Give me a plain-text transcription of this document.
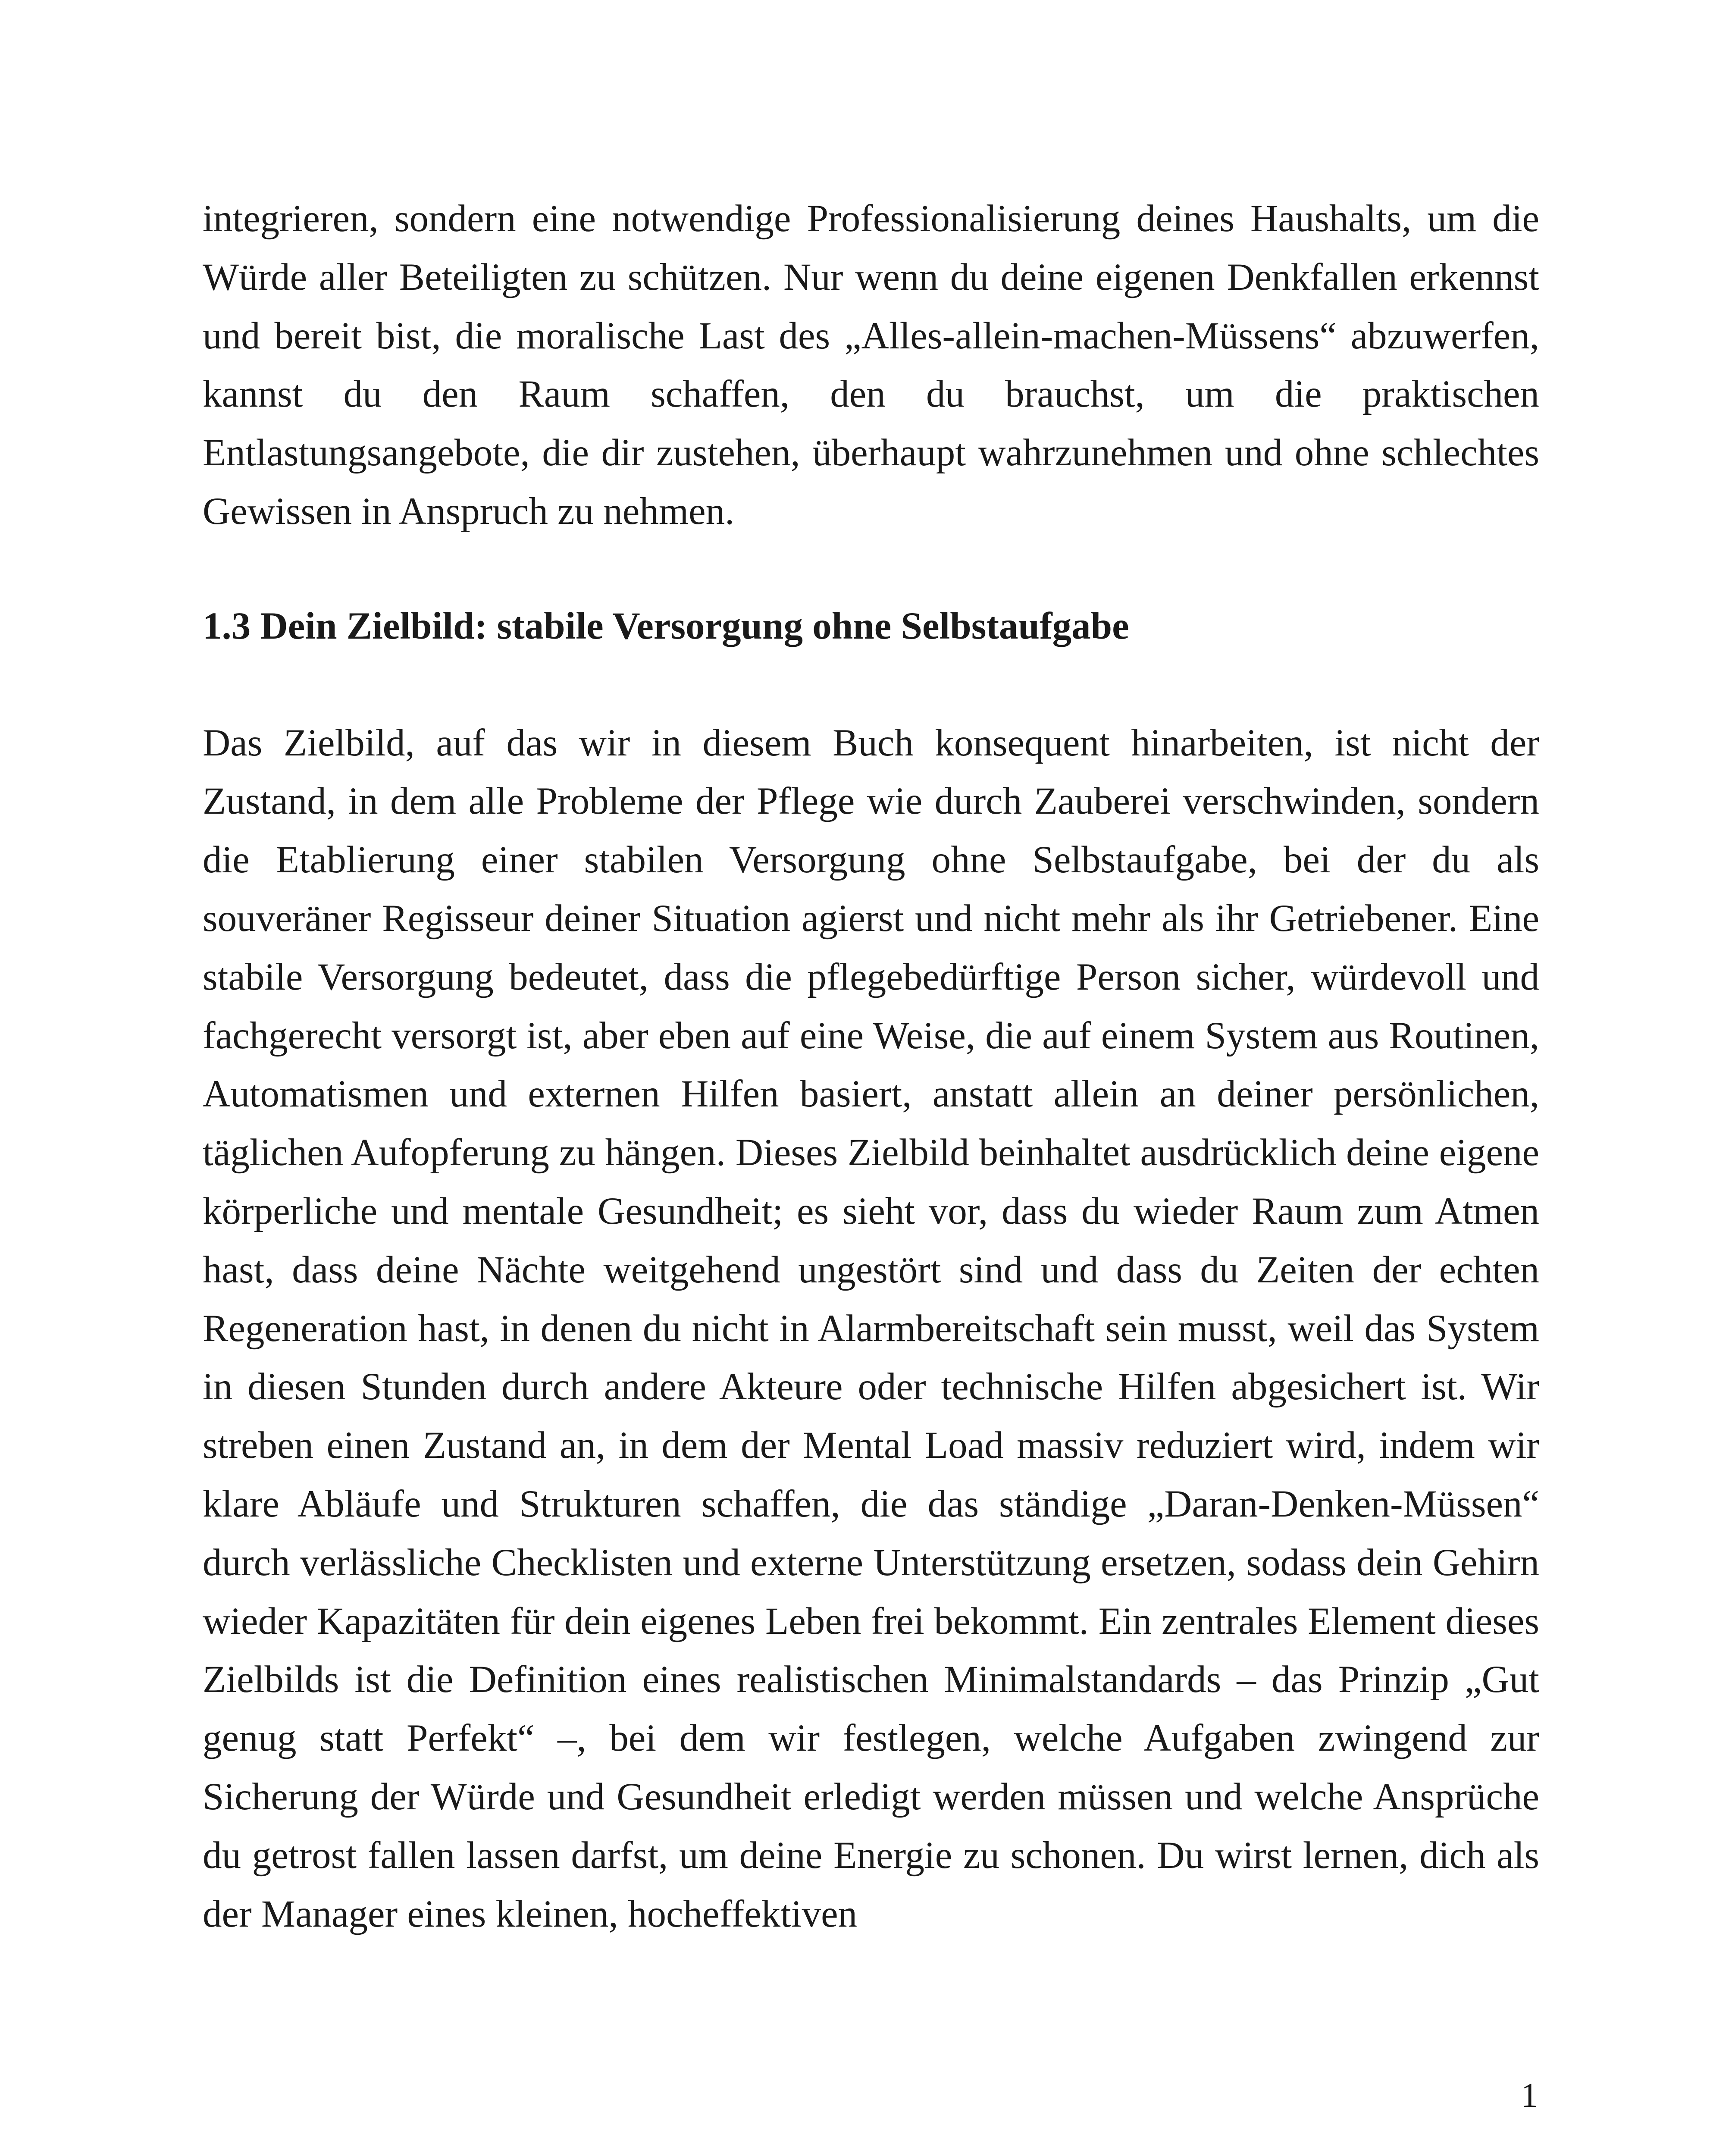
integrieren, sondern eine notwendige Professionalisierung deines Haushalts, um die Würde aller Beteiligten zu schützen. Nur wenn du deine eigenen Denkfallen erkennst und bereit bist, die moralische Last des „Alles-allein-machen-Müssens“ abzuwerfen, kannst du den Raum schaffen, den du brauchst, um die praktischen Entlastungsangebote, die dir zustehen, überhaupt wahrzunehmen und ohne schlechtes Gewissen in Anspruch zu nehmen.

1.3 Dein Zielbild: stabile Versorgung ohne Selbstaufgabe

Das Zielbild, auf das wir in diesem Buch konsequent hinarbeiten, ist nicht der Zustand, in dem alle Probleme der Pflege wie durch Zauberei verschwinden, sondern die Etablierung einer stabilen Versorgung ohne Selbstaufgabe, bei der du als souveräner Regisseur deiner Situation agierst und nicht mehr als ihr Getriebener. Eine stabile Versorgung bedeutet, dass die pflegebedürftige Person sicher, würdevoll und fachgerecht versorgt ist, aber eben auf eine Weise, die auf einem System aus Routinen, Automatismen und externen Hilfen basiert, anstatt allein an deiner persönlichen, täglichen Aufopferung zu hängen. Dieses Zielbild beinhaltet ausdrücklich deine eigene körperliche und mentale Gesundheit; es sieht vor, dass du wieder Raum zum Atmen hast, dass deine Nächte weitgehend ungestört sind und dass du Zeiten der echten Regeneration hast, in denen du nicht in Alarmbereitschaft sein musst, weil das System in diesen Stunden durch andere Akteure oder technische Hilfen abgesichert ist. Wir streben einen Zustand an, in dem der Mental Load massiv reduziert wird, indem wir klare Abläufe und Strukturen schaffen, die das ständige „Daran-Denken-Müssen“ durch verlässliche Checklisten und externe Unterstützung ersetzen, sodass dein Gehirn wieder Kapazitäten für dein eigenes Leben frei bekommt. Ein zentrales Element dieses Zielbilds ist die Definition eines realistischen Minimalstandards – das Prinzip „Gut genug statt Perfekt“ –, bei dem wir festlegen, welche Aufgaben zwingend zur Sicherung der Würde und Gesundheit erledigt werden müssen und welche Ansprüche du getrost fallen lassen darfst, um deine Energie zu schonen. Du wirst lernen, dich als der Manager eines kleinen, hocheffektiven

1
